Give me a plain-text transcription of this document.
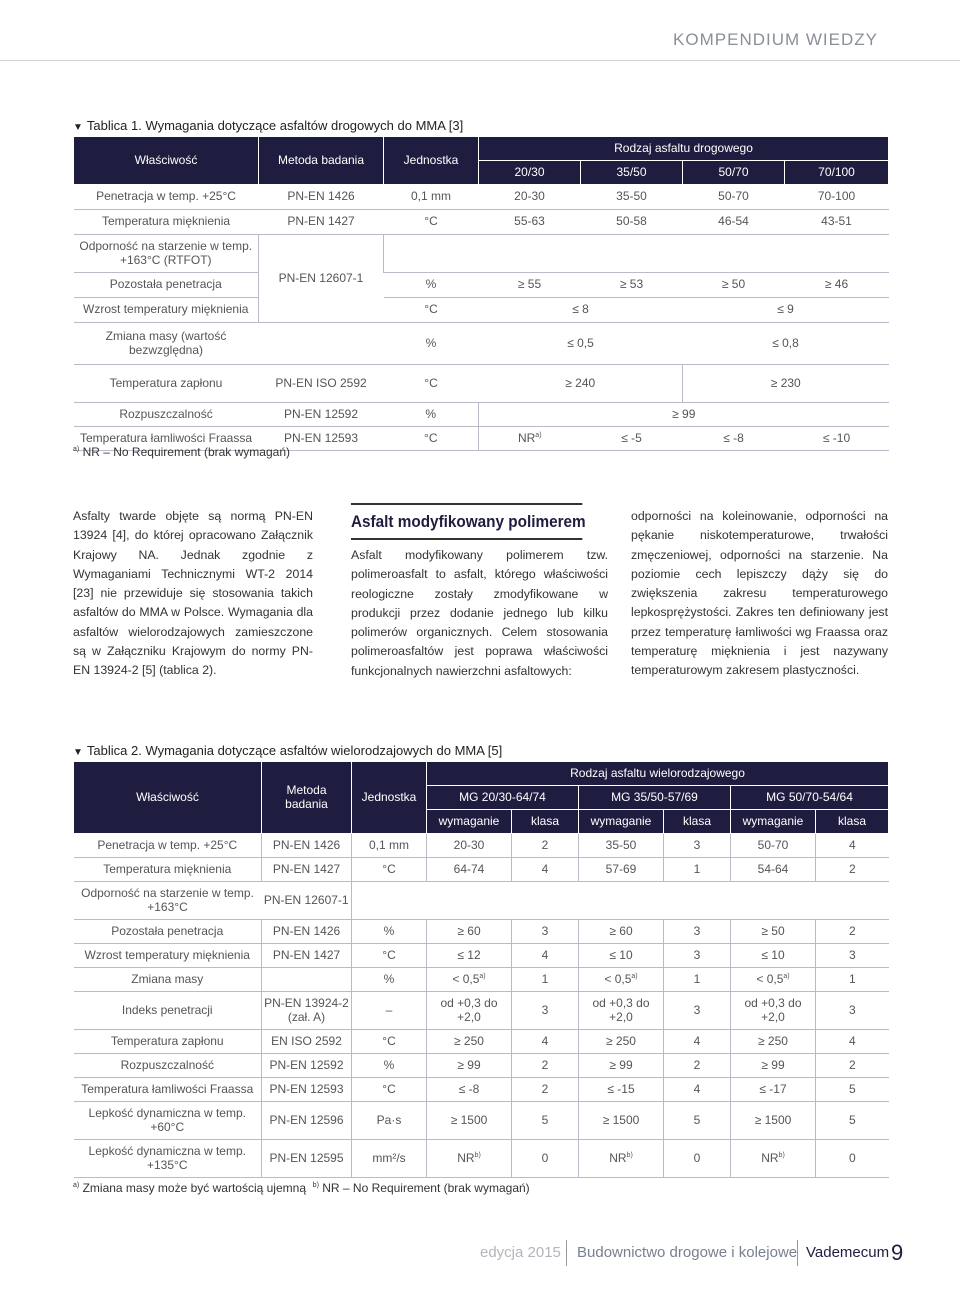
KOMPENDIUM WIEDZY
▼ Tablica 1. Wymagania dotyczące asfaltów drogowych do MMA [3]
Właściwość	Metoda badania	Jednostka	Rodzaj asfaltu drogowego			
			20/30	35/50	50/70	70/100
Penetracja w temp. +25°C	PN-EN 1426	0,1 mm	20-30	35-50	50-70	70-100
Temperatura mięknienia	PN-EN 1427	°C	55-63	50-58	46-54	43-51
Odporność na starzenie w temp. +163°C (RTFOT)	PN-EN 12607-1					
Pozostała penetracja		%	≥ 55	≥ 53	≥ 50	≥ 46
Wzrost temperatury mięknienia		°C	≤ 8		≤ 9	
Zmiana masy (wartość bezwzględna)		%	≤ 0,5		≤ 0,8	
Temperatura zapłonu	PN-EN ISO 2592	°C	≥ 240		≥ 230	
Rozpuszczalność	PN-EN 12592	%	≥ 99			
Temperatura łamliwości Fraassa	PN-EN 12593	°C	$NR^{a)}$	≤ -5	≤ -8	≤ -10
$^{a)}$ NR – No Requirement (brak wymagań)
Asfalty twarde objęte są normą PN-EN 13924 [4], do której opracowano Załącznik Krajowy NA. Jednak zgodnie z Wymaganiami Technicznymi WT-2 2014 [23] nie przewiduje się stosowania takich asfaltów do MMA w Polsce. Wymagania dla asfaltów wielorodzajowych zamieszczone są w Załączniku Krajowym do normy PN-EN 13924-2 [5] (tablica 2).
Asfalt modyfikowany polimerem
Asfalt modyfikowany polimerem tzw. polimeroasfalt to asfalt, którego właściwości reologiczne zostały zmodyfikowane w produkcji przez dodanie jednego lub kilku polimerów organicznych. Celem stosowania polimeroasfaltów jest poprawa właściwości funkcjonalnych nawierzchni asfaltowych:
odporności na koleinowanie, odporności na pękanie niskotemperaturowe, trwałości zmęczeniowej, odporności na starzenie. Na poziomie cech lepiszczy dąży się do zwiększenia zakresu temperaturowego lepkosprężystości. Zakres ten definiowany jest przez temperaturę łamliwości wg Fraassa oraz temperaturę mięknienia i jest nazywany temperaturowym zakresem plastyczności.
▼ Tablica 2. Wymagania dotyczące asfaltów wielorodzajowych do MMA [5]
Właściwość	Metoda badania	Jednostka	Rodzaj asfaltu wielorodzajowego					
			MG 20/30-64/74		MG 35/50-57/69		MG 50/70-54/64	
			wymaganie	klasa	wymaganie	klasa	wymaganie	klasa
Penetracja w temp. +25°C	PN-EN 1426	0,1 mm	20-30	2	35-50	3	50-70	4
Temperatura mięknienia	PN-EN 1427	°C	64-74	4	57-69	1	54-64	2
Odporność na starzenie w temp. +163°C	PN-EN 12607-1							
Pozostała penetracja	PN-EN 1426	%	≥ 60	3	≥ 60	3	≥ 50	2
Wzrost temperatury mięknienia	PN-EN 1427	°C	≤ 12	4	≤ 10	3	≤ 10	3
Zmiana masy		%	< $0,5^{a)}$	1	< $0,5^{a)}$	1	< $0,5^{a)}$	1
Indeks penetracji	PN-EN 13924-2 (zał. A)	–	od +0,3 do +2,0	3	od +0,3 do +2,0	3	od +0,3 do +2,0	3
Temperatura zapłonu	EN ISO 2592	°C	≥ 250	4	≥ 250	4	≥ 250	4
Rozpuszczalność	PN-EN 12592	%	≥ 99	2	≥ 99	2	≥ 99	2
Temperatura łamliwości Fraassa	PN-EN 12593	°C	≤ -8	2	≤ -15	4	≤ -17	5
Lepkość dynamiczna w temp. +60°C	PN-EN 12596	Pa·s	≥ 1500	5	≥ 1500	5	≥ 1500	5
Lepkość dynamiczna w temp. +135°C	PN-EN 12595	mm²/s	NR$^{b)}$	0	NR$^{b)}$	0	NR$^{b)}$	0
$^{a)}$ Zmiana masy może być wartością ujemną $^{b)}$ NR – No Requirement (brak wymagań)
edycja 2015	Budownictwo drogowe i kolejowe Vademecum 9
